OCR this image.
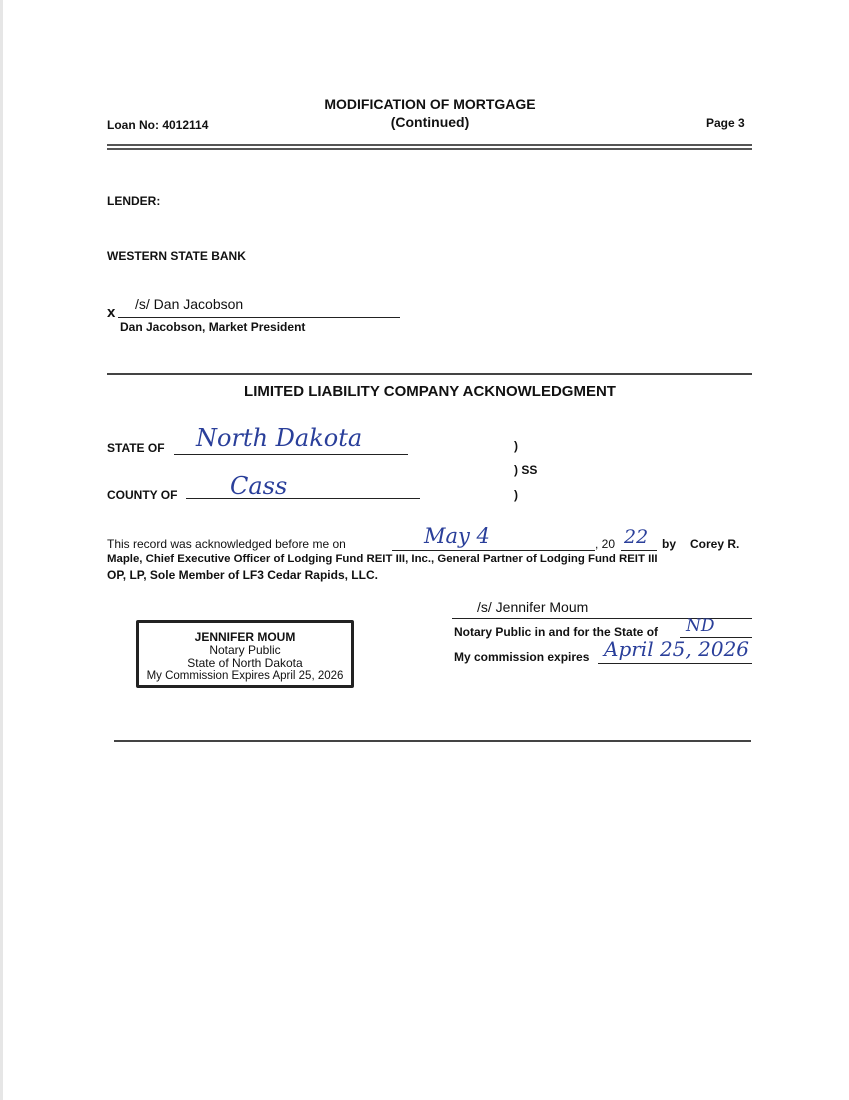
Loan No: 4012114
MODIFICATION OF MORTGAGE
(Continued)	Page 3
LENDER:
WESTERN STATE BANK
x /s/ Dan Jacobson
Dan Jacobson, Market President
LIMITED LIABILITY COMPANY ACKNOWLEDGMENT
STATE OF North Dakota	)
) SS
)
COUNTY OF Cass
This record was acknowledged before me on	May 4	, 20 22 by Corey R.
Maple, Chief Executive Officer of Lodging Fund REIT III, Inc., General Partner of Lodging Fund REIT III
OP, LP, Sole Member of LF3 Cedar Rapids, LLC.
/s/ Jennifer Moum
Notary Public in and for the State of ND
My commission expires April 25, 2026
JENNIFER MOUM
Notary Public
State of North Dakota
My Commission Expires April 25, 2026
